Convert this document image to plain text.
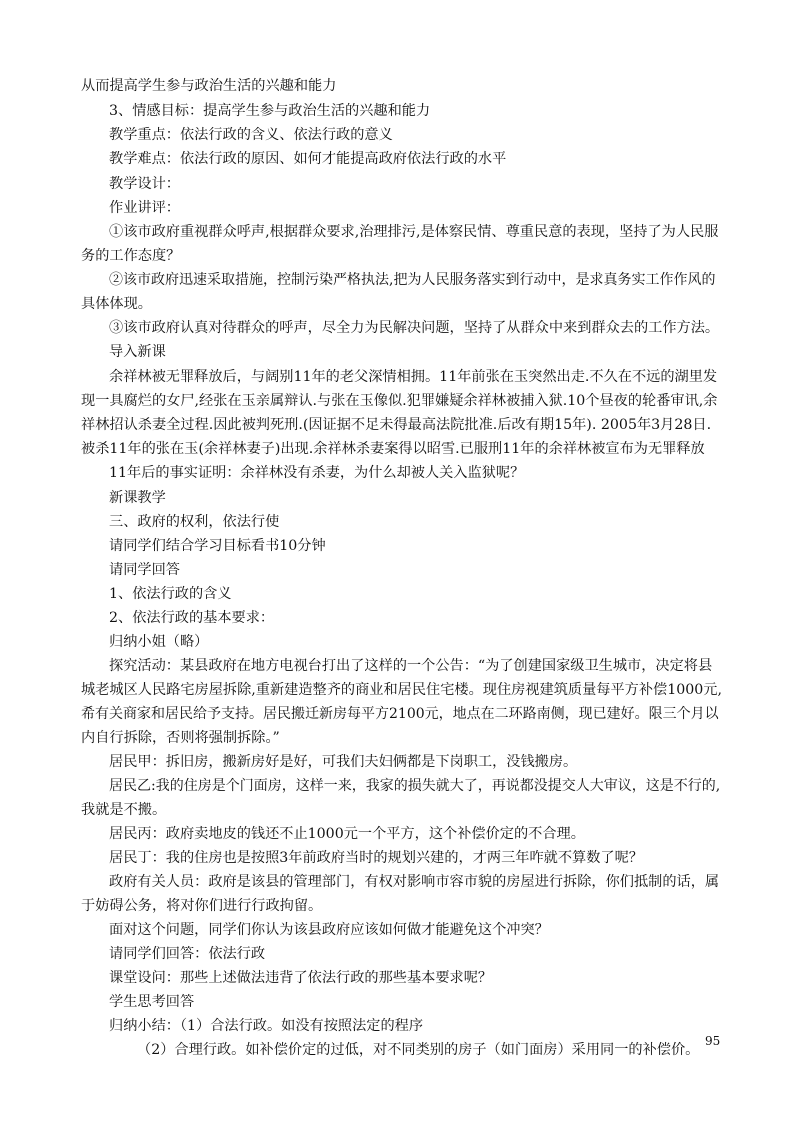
从而提高学生参与政治生活的兴趣和能力
3、情感目标：提高学生参与政治生活的兴趣和能力
教学重点：依法行政的含义、依法行政的意义
教学难点：依法行政的原因、如何才能提高政府依法行政的水平
教学设计：
作业讲评：
①该市政府重视群众呼声,根据群众要求,治理排污,是体察民情、尊重民意的表现，坚持了为人民服
务的工作态度？
②该市政府迅速采取措施，控制污染严格执法,把为人民服务落实到行动中，是求真务实工作作风的
具体体现。
③该市政府认真对待群众的呼声，尽全力为民解决问题，坚持了从群众中来到群众去的工作方法。
导入新课
余祥林被无罪释放后，与阔别11年的老父深情相拥。11年前张在玉突然出走.不久在不远的湖里发
现一具腐烂的女尸,经张在玉亲属辩认.与张在玉像似.犯罪嫌疑余祥林被捕入狱.10个昼夜的轮番审讯,余
祥林招认杀妻全过程.因此被判死刑.(因证据不足未得最高法院批准.后改有期15年). 2005年3月28日.
被杀11年的张在玉(余祥林妻子)出现.余祥林杀妻案得以昭雪.已服刑11年的余祥林被宣布为无罪释放
11年后的事实证明：余祥林没有杀妻，为什么却被人关入监狱呢？
新课教学
三、政府的权利，依法行使
请同学们结合学习目标看书10分钟
请同学回答
1、依法行政的含义
2、依法行政的基本要求：
归纳小姐（略）
探究活动：某县政府在地方电视台打出了这样的一个公告：“为了创建国家级卫生城市，决定将县
城老城区人民路宅房屋拆除,重新建造整齐的商业和居民住宅楼。现住房视建筑质量每平方补偿1000元,
希有关商家和居民给予支持。居民搬迁新房每平方2100元，地点在二环路南侧，现已建好。限三个月以
内自行拆除，否则将强制拆除。”
居民甲：拆旧房，搬新房好是好，可我们夫妇俩都是下岗职工，没钱搬房。
居民乙:我的住房是个门面房，这样一来，我家的损失就大了，再说都没提交人大审议，这是不行的,
我就是不搬。
居民丙：政府卖地皮的钱还不止1000元一个平方，这个补偿价定的不合理。
居民丁：我的住房也是按照3年前政府当时的规划兴建的，才两三年咋就不算数了呢？
政府有关人员：政府是该县的管理部门，有权对影响市容市貌的房屋进行拆除，你们抵制的话，属
于妨碍公务，将对你们进行行政拘留。
面对这个问题，同学们你认为该县政府应该如何做才能避免这个冲突？
请同学们回答：依法行政
课堂设问：那些上述做法违背了依法行政的那些基本要求呢？
学生思考回答
归纳小结：（1）合法行政。如没有按照法定的程序
（2）合理行政。如补偿价定的过低，对不同类别的房子（如门面房）采用同一的补偿价。
95
